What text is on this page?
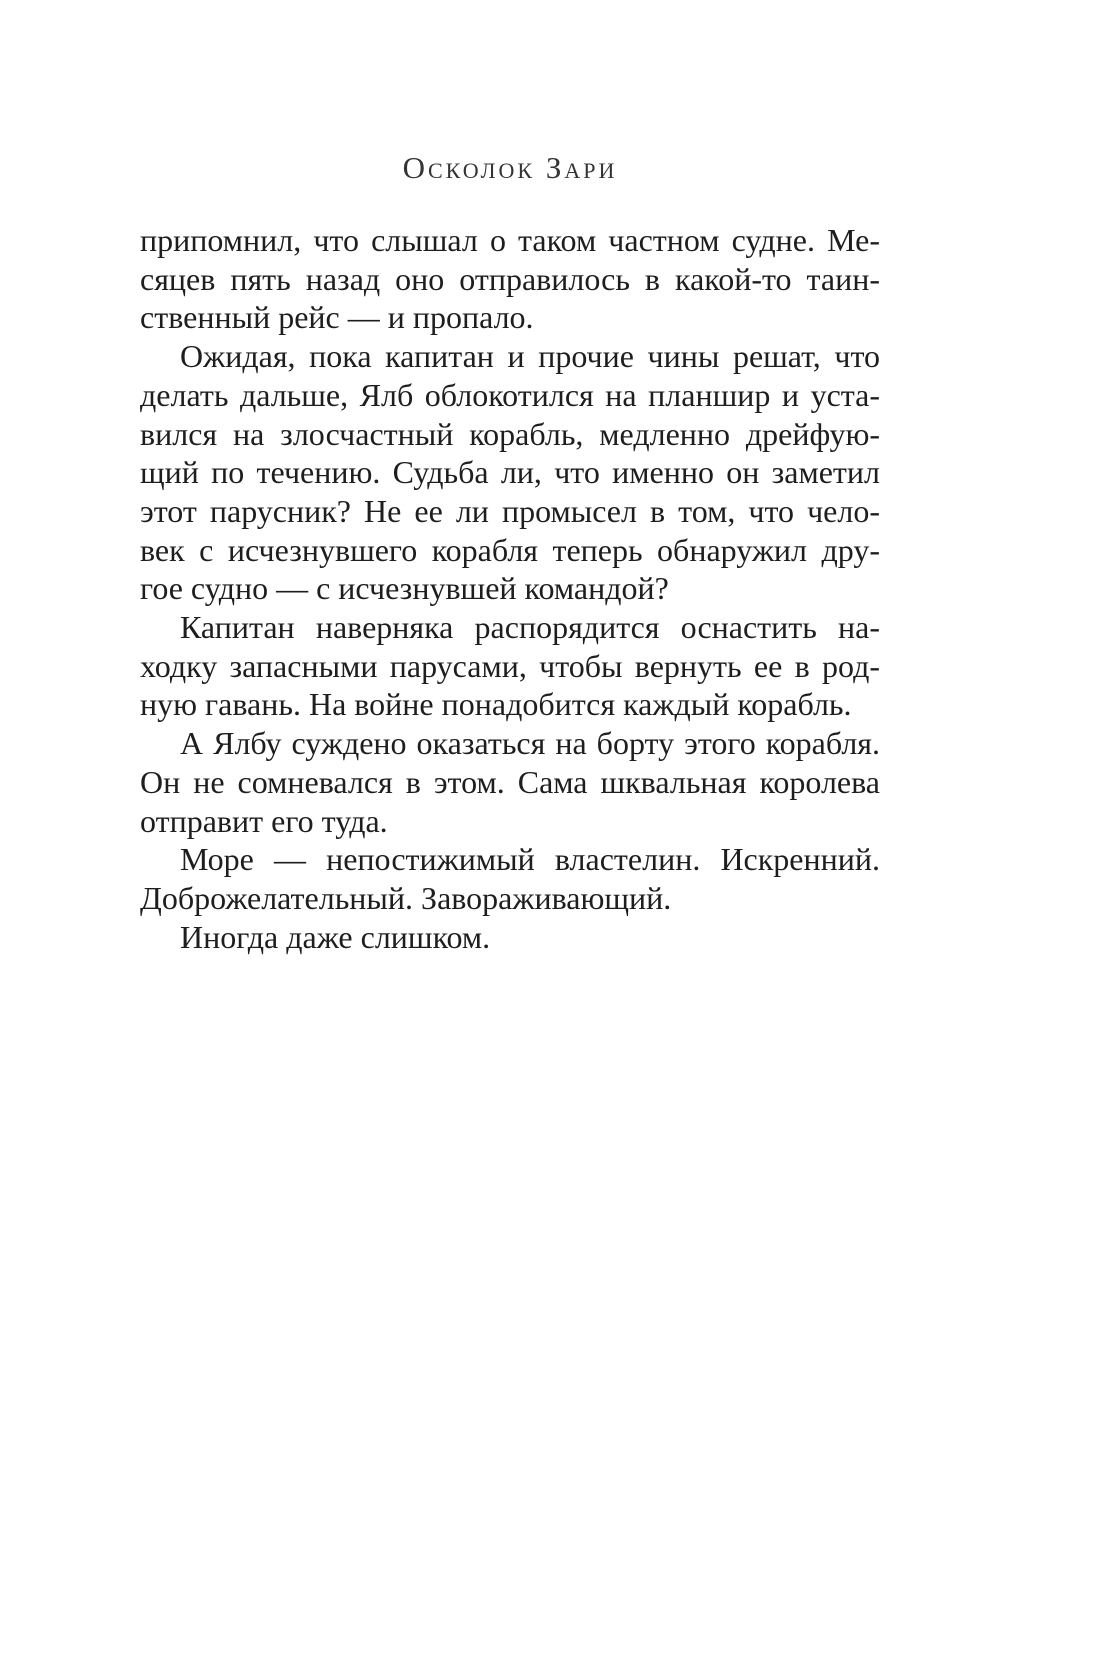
Осколок Зари
припомнил, что слышал о таком частном судне. Ме-
сяцев пять назад оно отправилось в какой-то таин-
ственный рейс — и пропало.
Ожидая, пока капитан и прочие чины решат, что
делать дальше, Ялб облокотился на планшир и уста-
вился на злосчастный корабль, медленно дрейфую-
щий по течению. Судьба ли, что именно он заметил
этот парусник? Не ее ли промысел в том, что чело-
век с исчезнувшего корабля теперь обнаружил дру-
гое судно — с исчезнувшей командой?
Капитан наверняка распорядится оснастить на-
ходку запасными парусами, чтобы вернуть ее в род-
ную гавань. На войне понадобится каждый корабль.
А Ялбу суждено оказаться на борту этого корабля.
Он не сомневался в этом. Сама шквальная королева
отправит его туда.
Море — непостижимый властелин. Искренний.
Доброжелательный. Завораживающий.
Иногда даже слишком.
